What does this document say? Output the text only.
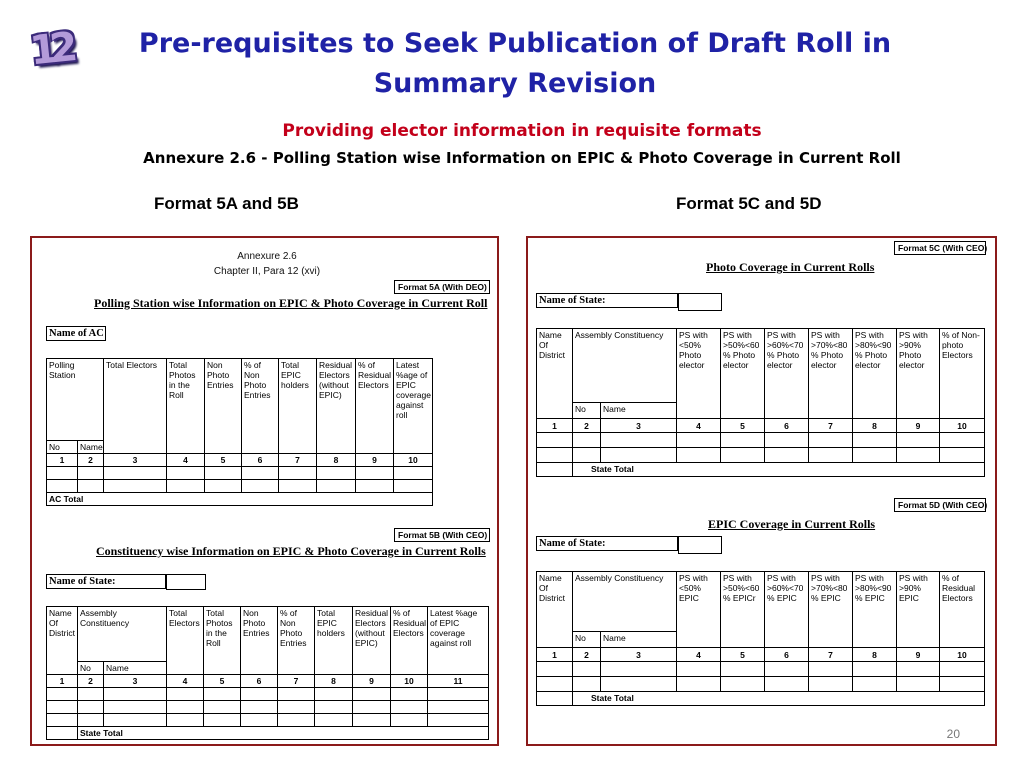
12	Pre-requisites to Seek Publication of Draft Roll in Summary Revision
Providing elector information in requisite formats
Annexure 2.6 - Polling Station wise Information on EPIC & Photo Coverage in Current Roll
Format 5A and 5B	Format 5C and 5D
Annexure 2.6
Chapter II, Para 12 (xvi)
Format 5A (With DEO)
Polling Station wise Information on EPIC & Photo Coverage in Current Roll
Name of AC
Polling Station		Total Electors	Total Photos in the Roll	Non Photo Entries	% of Non Photo Entries	Total EPIC holders	Residual Electors (without EPIC)	% of Residual Electors	Latest %age of EPIC coverage against roll
No	Name								
1	2	3	4	5	6	7	8	9	10

AC Total									
Format 5B (With CEO)
Constituency wise Information on EPIC & Photo Coverage in Current Rolls
Name of State:
Name Of District	Assembly Constituency		Total Electors	Total Photos in the Roll	Non Photo Entries	% of Non Photo Entries	Total EPIC holders	Residual Electors (without EPIC)	% of Residual Electors	Latest %age of EPIC coverage against roll
	No	Name								
1	2	3	4	5	6	7	8	9	10	11

	State Total									
Format 5C (With CEO)
Photo Coverage in Current Rolls
Name of State:
Name Of District	Assembly Constituency		PS with <50% Photo elector	PS with >50%<60 % Photo elector	PS with >60%<70 % Photo elector	PS with >70%<80 % Photo elector	PS with >80%<90 % Photo elector	PS with >90% Photo elector	% of Non-photo Electors
	No	Name							
1	2	3	4	5	6	7	8	9	10

	State Total								
Format 5D (With CEO)
EPIC Coverage in Current Rolls
Name of State:
Name Of District	Assembly Constituency		PS with <50% EPIC	PS with >50%<60 % EPICr	PS with >60%<70 % EPIC	PS with >70%<80 % EPIC	PS with >80%<90 % EPIC	PS with >90% EPIC	% of Residual Electors
	No	Name							
1	2	3	4	5	6	7	8	9	10

	State Total								
20
